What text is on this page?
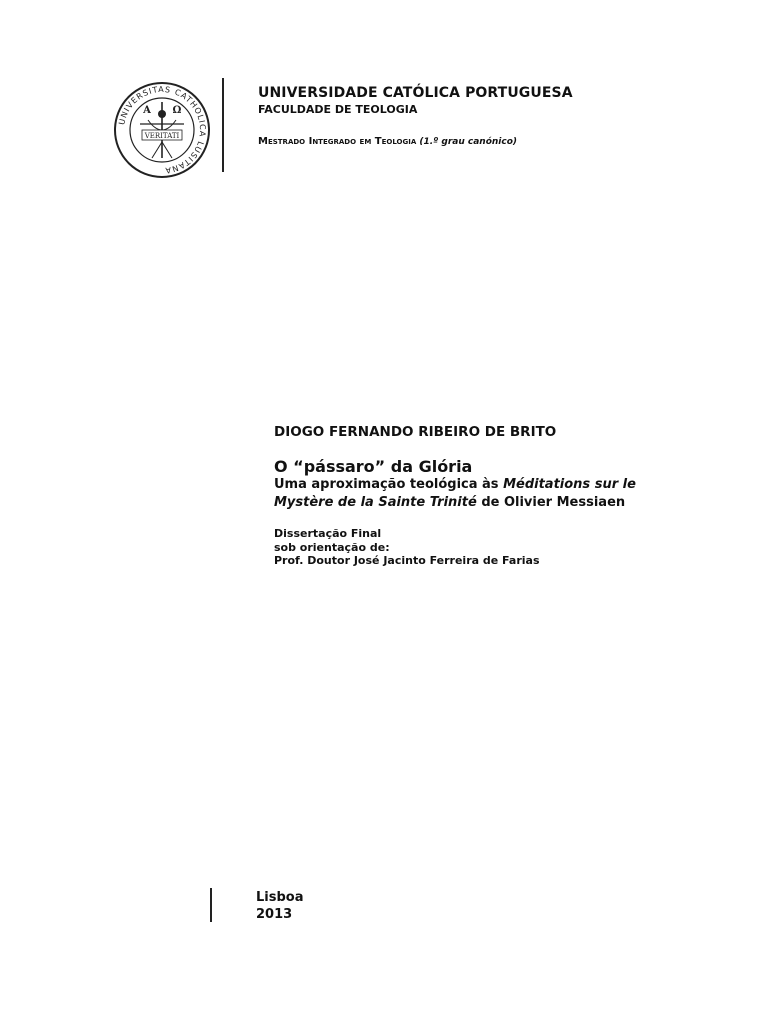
UNIVERSITAS CATHOLICA LUSITANA
A Ω
VERITATI
UNIVERSIDADE CATÓLICA PORTUGUESA
FACULDADE DE TEOLOGIA
Mestrado Integrado em Teologia (1.º grau canónico)
DIOGO FERNANDO RIBEIRO DE BRITO
O “pássaro” da Glória
Uma aproximação teológica às Méditations sur le
Mystère de la Sainte Trinité de Olivier Messiaen
Dissertação Final
sob orientação de:
Prof. Doutor José Jacinto Ferreira de Farias
Lisboa
2013
